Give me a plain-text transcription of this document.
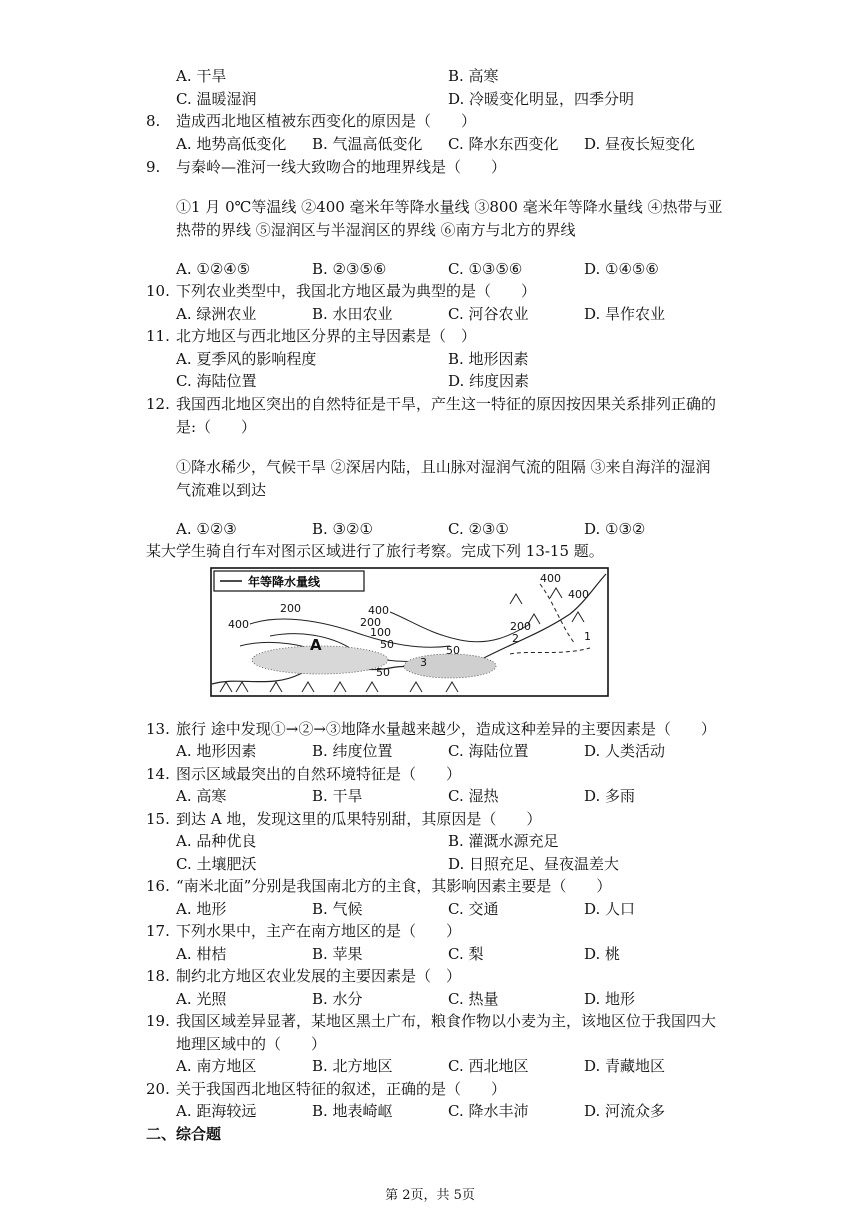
A. 干旱	B. 高寒
C. 温暖湿润	D. 冷暖变化明显，四季分明
8.	造成西北地区植被东西变化的原因是（　　）
A. 地势高低变化 B. 气温高低变化 C. 降水东西变化 D. 昼夜长短变化
9.	与秦岭—淮河一线大致吻合的地理界线是（　　）
①1 月 0℃等温线 ②400 毫米年等降水量线 ③800 毫米年等降水量线 ④热带与亚
热带的界线 ⑤湿润区与半湿润区的界线 ⑥南方与北方的界线
A. ①②④⑤	B. ②③⑤⑥	C. ①③⑤⑥	D. ①④⑤⑥
10. 下列农业类型中，我国北方地区最为典型的是（　　）
A. 绿洲农业	B. 水田农业	C. 河谷农业	D. 旱作农业
11. 北方地区与西北地区分界的主导因素是（　）
A. 夏季风的影响程度	B. 地形因素
C. 海陆位置	D. 纬度因素
12. 我国西北地区突出的自然特征是干旱，产生这一特征的原因按因果关系排列正确的
是:（　　）
①降水稀少，气候干旱 ②深居内陆，且山脉对湿润气流的阻隔 ③来自海洋的湿润
气流难以到达
A. ①②③	B. ③②①	C. ②③①	D. ①③②
某大学生骑自行车对图示区域进行了旅行考察。完成下列 13-15 题。
年等降水量线	400
400
200
2	1
400
200
200
400
100
50
A
50
3
50
13. 旅行 途中发现①→②→③地降水量越来越少，造成这种差异的主要因素是（　　）
A. 地形因素	B. 纬度位置	C. 海陆位置	D. 人类活动
14. 图示区域最突出的自然环境特征是（　　）
A. 高寒	B. 干旱	C. 湿热	D. 多雨
15. 到达 A 地，发现这里的瓜果特别甜，其原因是（　　）
A. 品种优良	B. 灌溉水源充足
C. 土壤肥沃	D. 日照充足、昼夜温差大
16. “南米北面”分别是我国南北方的主食，其影响因素主要是（　　）
A. 地形	B. 气候	C. 交通	D. 人口
17. 下列水果中，主产在南方地区的是（　　）
A. 柑桔	B. 苹果	C. 梨	D. 桃
18. 制约北方地区农业发展的主要因素是（　）
A. 光照	B. 水分	C. 热量	D. 地形
19. 我国区域差异显著，某地区黑土广布，粮食作物以小麦为主，该地区位于我国四大
地理区域中的（　　）
A. 南方地区	B. 北方地区	C. 西北地区	D. 青藏地区
20. 关于我国西北地区特征的叙述，正确的是（　　）
A. 距海较远	B. 地表崎岖	C. 降水丰沛	D. 河流众多
二、综合题
第 2页，共 5页
